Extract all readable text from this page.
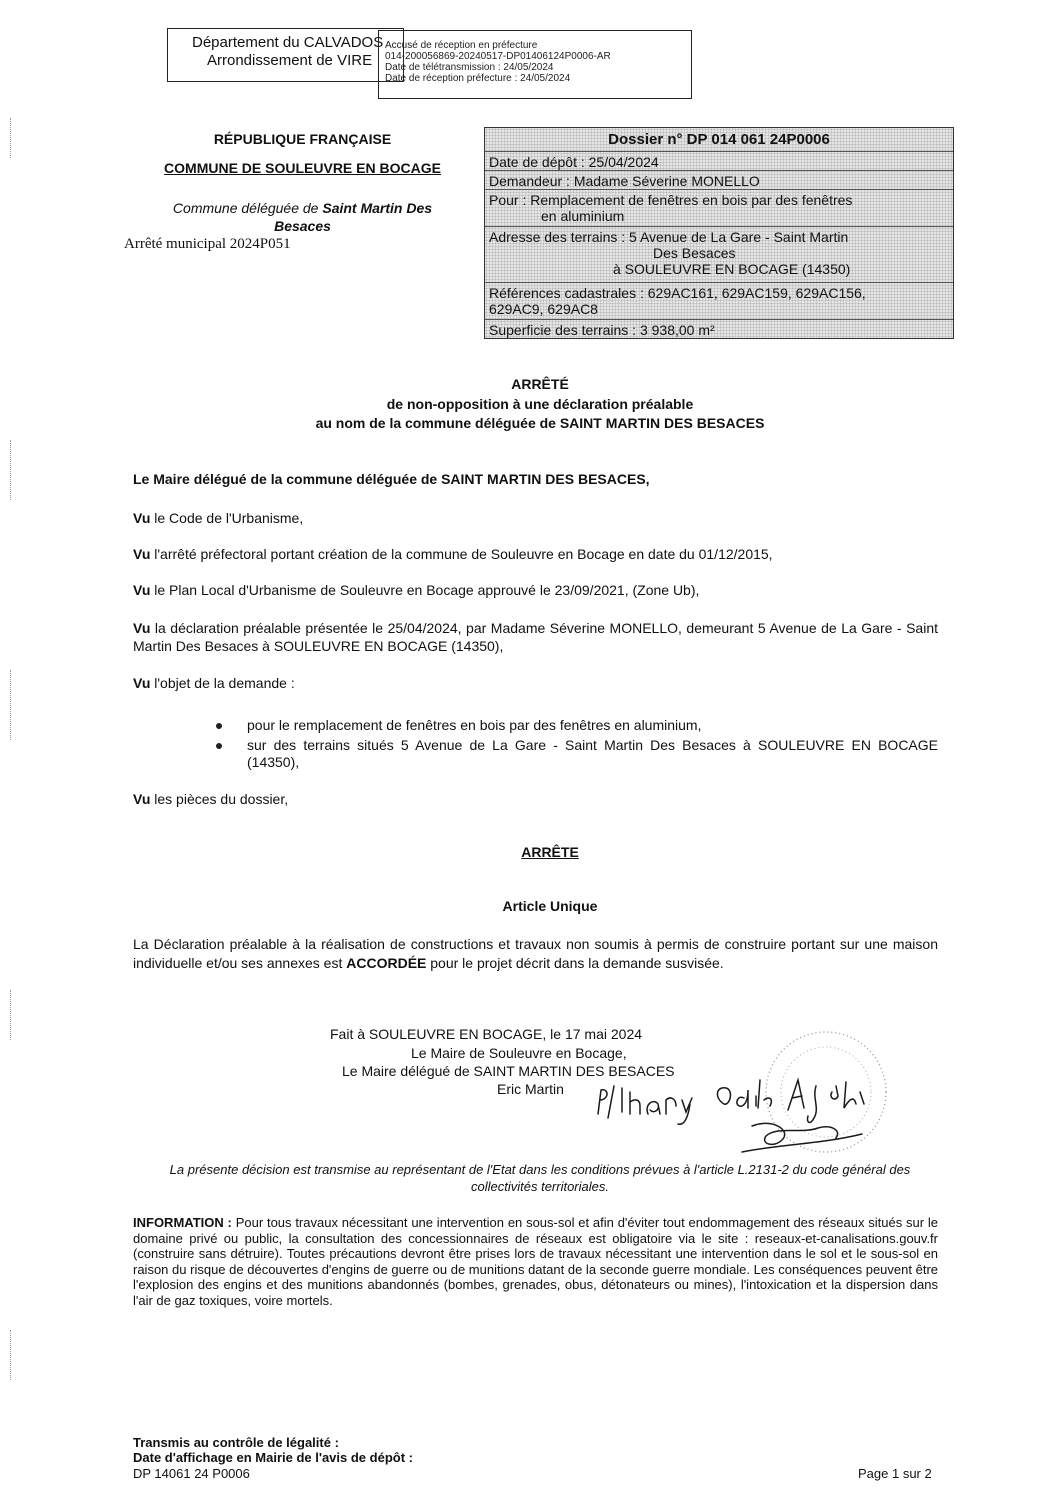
Département du CALVADOS
Arrondissement de VIRE
Accusé de réception en préfecture
014-200056869-20240517-DP01406124P0006-AR
Date de télétransmission : 24/05/2024
Date de réception préfecture : 24/05/2024
RÉPUBLIQUE FRANÇAISE
COMMUNE DE SOULEUVRE EN BOCAGE
Commune déléguée de Saint Martin Des Besaces
Arrêté municipal 2024P051
Dossier n° DP 014 061 24P0006
Date de dépôt : 25/04/2024
Demandeur : Madame Séverine MONELLO
Pour : Remplacement de fenêtres en bois par des fenêtres
en aluminium
Adresse des terrains : 5 Avenue de La Gare - Saint Martin
Des Besaces
à SOULEUVRE EN BOCAGE (14350)
Références cadastrales : 629AC161, 629AC159, 629AC156,
629AC9, 629AC8
Superficie des terrains : 3 938,00 m²
ARRÊTÉ
de non-opposition à une déclaration préalable
au nom de la commune déléguée de SAINT MARTIN DES BESACES
Le Maire délégué de la commune déléguée de SAINT MARTIN DES BESACES,
Vu le Code de l'Urbanisme,
Vu l'arrêté préfectoral portant création de la commune de Souleuvre en Bocage en date du 01/12/2015,
Vu le Plan Local d'Urbanisme de Souleuvre en Bocage approuvé le 23/09/2021, (Zone Ub),
Vu la déclaration préalable présentée le 25/04/2024, par Madame Séverine MONELLO, demeurant 5 Avenue de La Gare - Saint Martin Des Besaces à SOULEUVRE EN BOCAGE (14350),
Vu l'objet de la demande :
pour le remplacement de fenêtres en bois par des fenêtres en aluminium,
sur des terrains situés 5 Avenue de La Gare - Saint Martin Des Besaces à SOULEUVRE EN BOCAGE (14350),
Vu les pièces du dossier,
ARRÊTE
Article Unique
La Déclaration préalable à la réalisation de constructions et travaux non soumis à permis de construire portant sur une maison individuelle et/ou ses annexes est ACCORDÉE pour le projet décrit dans la demande susvisée.
Fait à SOULEUVRE EN BOCAGE, le 17 mai 2024
Le Maire de Souleuvre en Bocage,
Le Maire délégué de SAINT MARTIN DES BESACES
Eric Martin
La présente décision est transmise au représentant de l'Etat dans les conditions prévues à l'article L.2131-2 du code général des collectivités territoriales.
INFORMATION : Pour tous travaux nécessitant une intervention en sous-sol et afin d'éviter tout endommagement des réseaux situés sur le domaine privé ou public, la consultation des concessionnaires de réseaux est obligatoire via le site : reseaux-et-canalisations.gouv.fr (construire sans détruire). Toutes précautions devront être prises lors de travaux nécessitant une intervention dans le sol et le sous-sol en raison du risque de découvertes d'engins de guerre ou de munitions datant de la seconde guerre mondiale. Les conséquences peuvent être l'explosion des engins et des munitions abandonnés (bombes, grenades, obus, détonateurs ou mines), l'intoxication et la dispersion dans l'air de gaz toxiques, voire mortels.
Transmis au contrôle de légalité :
Date d'affichage en Mairie de l'avis de dépôt :
DP 14061 24 P0006	Page 1 sur 2
